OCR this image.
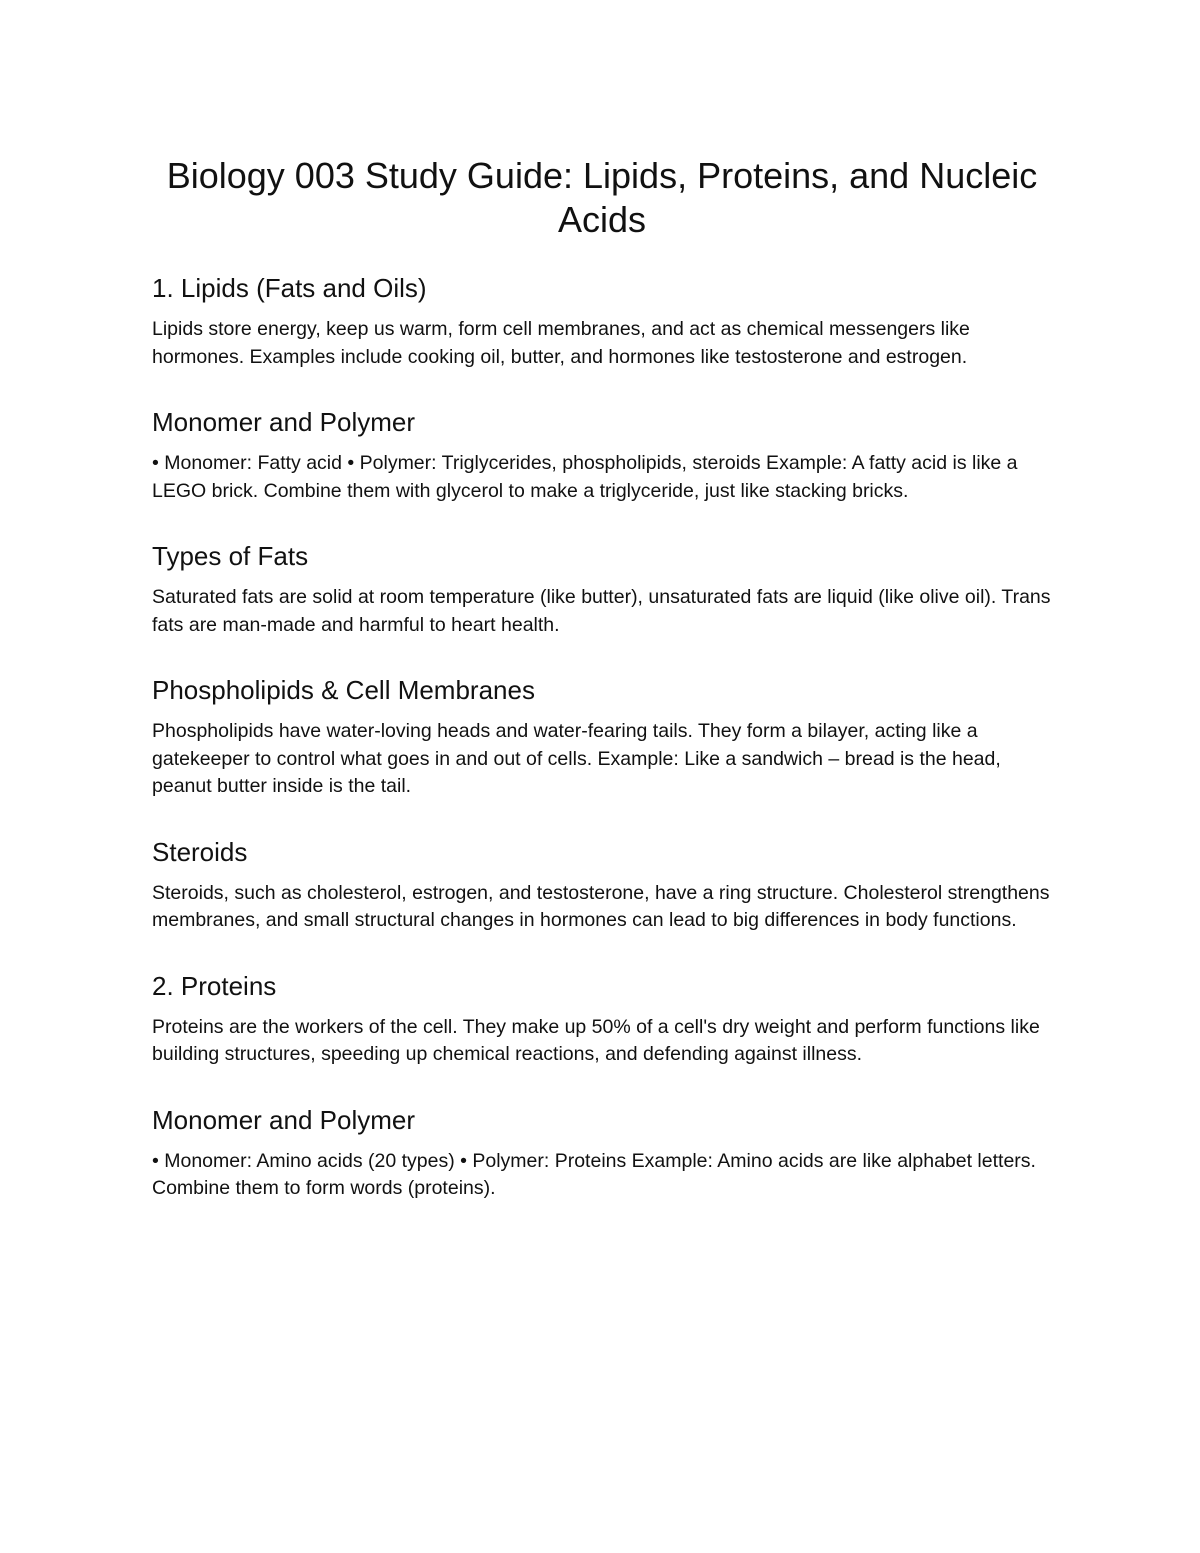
Biology 003 Study Guide: Lipids, Proteins, and Nucleic Acids
1. Lipids (Fats and Oils)

Lipids store energy, keep us warm, form cell membranes, and act as chemical messengers like hormones. Examples include cooking oil, butter, and hormones like testosterone and estrogen.

Monomer and Polymer

• Monomer: Fatty acid • Polymer: Triglycerides, phospholipids, steroids Example: A fatty acid is like a LEGO brick. Combine them with glycerol to make a triglyceride, just like stacking bricks.

Types of Fats

Saturated fats are solid at room temperature (like butter), unsaturated fats are liquid (like olive oil). Trans fats are man-made and harmful to heart health.

Phospholipids & Cell Membranes

Phospholipids have water-loving heads and water-fearing tails. They form a bilayer, acting like a gatekeeper to control what goes in and out of cells. Example: Like a sandwich – bread is the head, peanut butter inside is the tail.

Steroids

Steroids, such as cholesterol, estrogen, and testosterone, have a ring structure. Cholesterol strengthens membranes, and small structural changes in hormones can lead to big differences in body functions.

2. Proteins

Proteins are the workers of the cell. They make up 50% of a cell's dry weight and perform functions like building structures, speeding up chemical reactions, and defending against illness.

Monomer and Polymer

• Monomer: Amino acids (20 types) • Polymer: Proteins Example: Amino acids are like alphabet letters. Combine them to form words (proteins).
